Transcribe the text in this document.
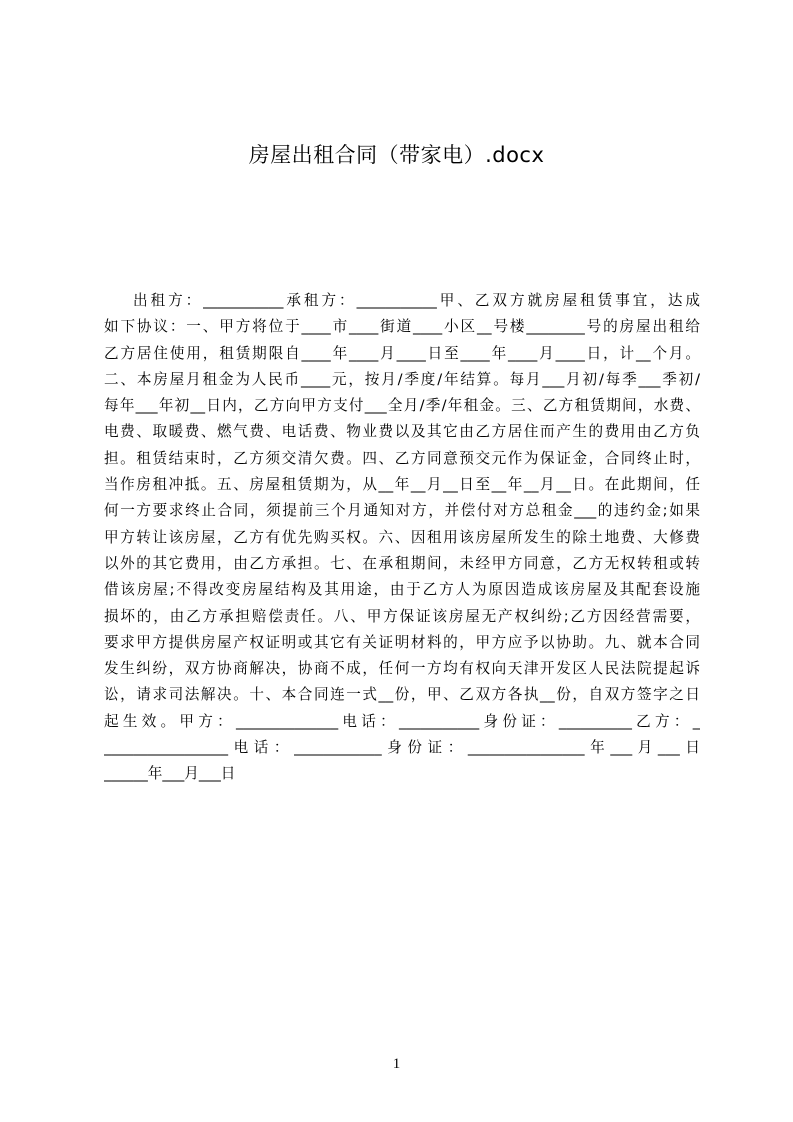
房屋出租合同（带家电）.docx
出租方：___________承租方：___________甲、乙双方就房屋租赁事宜，达成
如下协议：一、甲方将位于____市____街道____小区__号楼________号的房屋出租给
乙方居住使用，租赁期限自____年____月____日至____年____月____日，计__个月。
二、本房屋月租金为人民币____元，按月/季度/年结算。每月___月初/每季___季初/
每年___年初__日内，乙方向甲方支付___全月/季/年租金。三、乙方租赁期间，水费、
电费、取暖费、燃气费、电话费、物业费以及其它由乙方居住而产生的费用由乙方负
担。租赁结束时，乙方须交清欠费。四、乙方同意预交元作为保证金，合同终止时，
当作房租冲抵。五、房屋租赁期为，从__年__月__日至__年__月__日。在此期间，任
何一方要求终止合同，须提前三个月通知对方，并偿付对方总租金___的违约金;如果
甲方转让该房屋，乙方有优先购买权。六、因租用该房屋所发生的除土地费、大修费
以外的其它费用，由乙方承担。七、在承租期间，未经甲方同意，乙方无权转租或转
借该房屋;不得改变房屋结构及其用途，由于乙方人为原因造成该房屋及其配套设施
损坏的，由乙方承担赔偿责任。八、甲方保证该房屋无产权纠纷;乙方因经营需要，
要求甲方提供房屋产权证明或其它有关证明材料的，甲方应予以协助。九、就本合同
发生纠纷，双方协商解决，协商不成，任何一方均有权向天津开发区人民法院提起诉
讼，请求司法解决。十、本合同连一式__份，甲、乙双方各执__份，自双方签字之日
起生效。甲方：______________电话：___________身份证：__________乙方：_
_________________电话：____________身份证：________________年___月___日
______年___月___日
1
